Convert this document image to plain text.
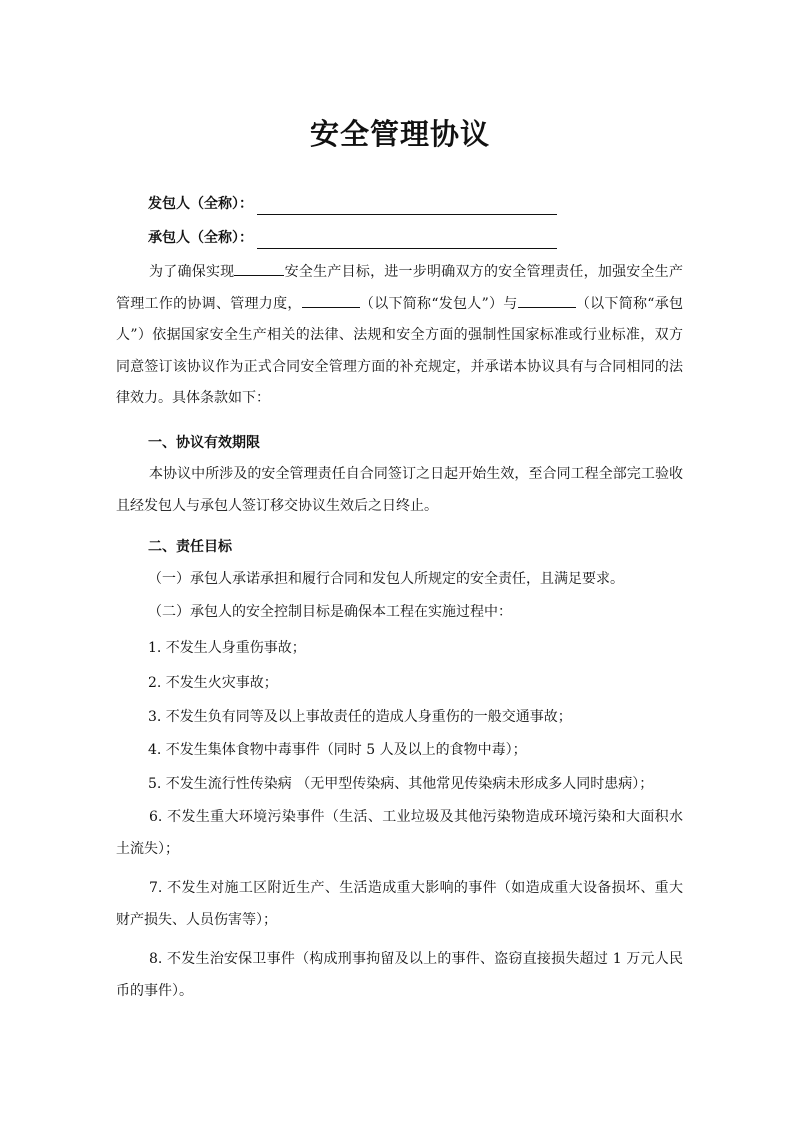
安全管理协议
发包人（全称）：
承包人（全称）：

为了确保实现	安全生产目标，进一步明确双方的安全管理责任，加强安全生产管理工作的协调、管理力度，	（以下简称“发包人”）与	（以下简称“承包人”）依据国家安全生产相关的法律、法规和安全方面的强制性国家标准或行业标准，双方同意签订该协议作为正式合同安全管理方面的补充规定，并承诺本协议具有与合同相同的法律效力。具体条款如下：

一、协议有效期限

本协议中所涉及的安全管理责任自合同签订之日起开始生效，至合同工程全部完工验收且经发包人与承包人签订移交协议生效后之日终止。

二、责任目标

（一）承包人承诺承担和履行合同和发包人所规定的安全责任，且满足要求。

（二）承包人的安全控制目标是确保本工程在实施过程中：

1. 不发生人身重伤事故；

2. 不发生火灾事故；

3. 不发生负有同等及以上事故责任的造成人身重伤的一般交通事故；

4. 不发生集体食物中毒事件（同时 5 人及以上的食物中毒）；

5. 不发生流行性传染病 （无甲型传染病、其他常见传染病未形成多人同时患病）；

6. 不发生重大环境污染事件（生活、工业垃圾及其他污染物造成环境污染和大面积水土流失）；

7. 不发生对施工区附近生产、生活造成重大影响的事件（如造成重大设备损坏、重大财产损失、人员伤害等）；

8. 不发生治安保卫事件（构成刑事拘留及以上的事件、盗窃直接损失超过 1 万元人民币的事件）。
